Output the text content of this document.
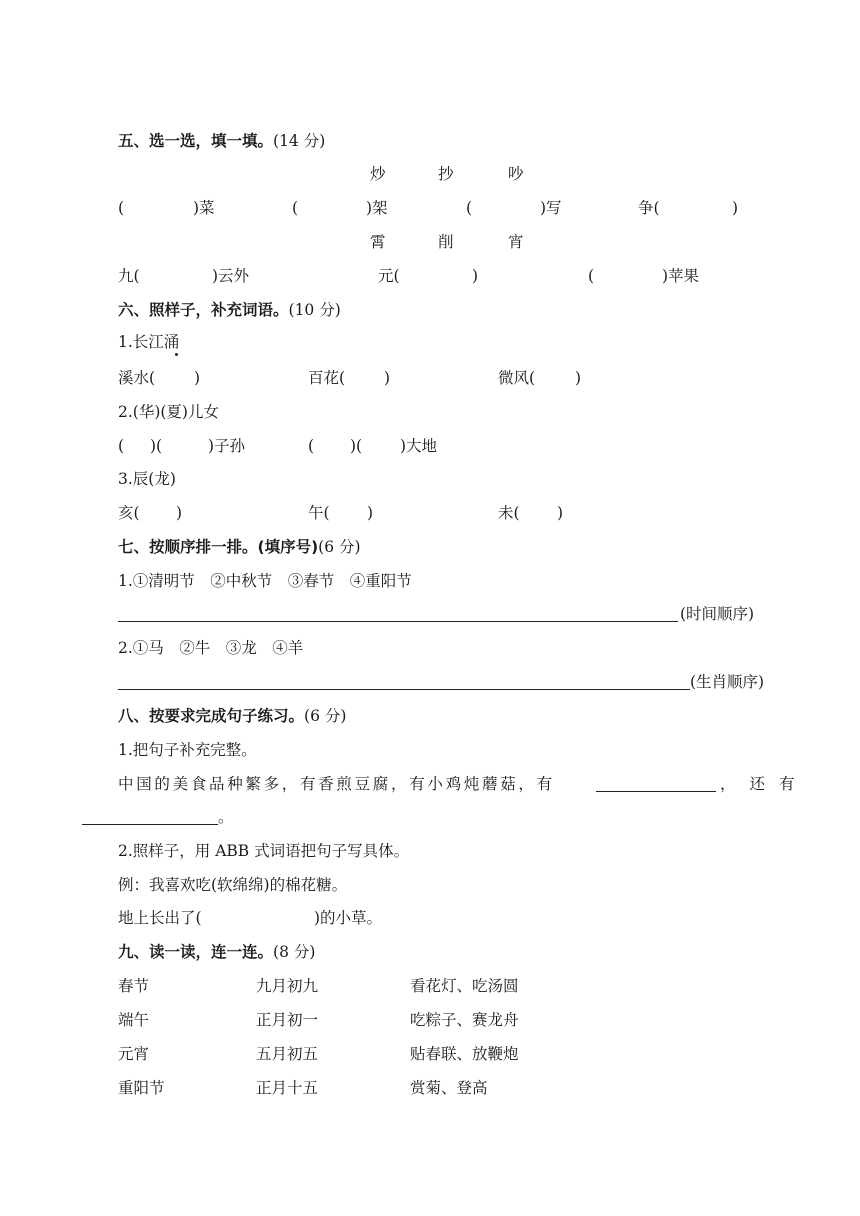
五、选一选，填一填。(14 分)
炒	抄	吵
(	)菜	(	)架	(	)写	争(	)
霄	削	宵
九(	)云外	元(	)	(	)苹果
六、照样子，补充词语。(10 分)
1.长江涌
溪水(	)	百花(	)	微风(	)
2.(华)(夏)儿女
( )(	)子孙	( )( )大地
3.辰(龙)
亥( )	午( )	未( )
七、按顺序排一排。(填序号)(6 分)
1.①清明节　②中秋节　③春节　④重阳节
(时间顺序)
2.①马　②牛　③龙　④羊
(生肖顺序)
八、按要求完成句子练习。(6 分)
1.把句子补充完整。
中国的美食品种繁多，有香煎豆腐，有小鸡炖蘑菇，有	，还有
。
2.照样子，用 ABB 式词语把句子写具体。
例：我喜欢吃(软绵绵)的棉花糖。
地上长出了(	)的小草。
九、读一读，连一连。(8 分)
春节	九月初九	看花灯、吃汤圆
端午	正月初一	吃粽子、赛龙舟
元宵	五月初五	贴春联、放鞭炮
重阳节	正月十五	赏菊、登高
